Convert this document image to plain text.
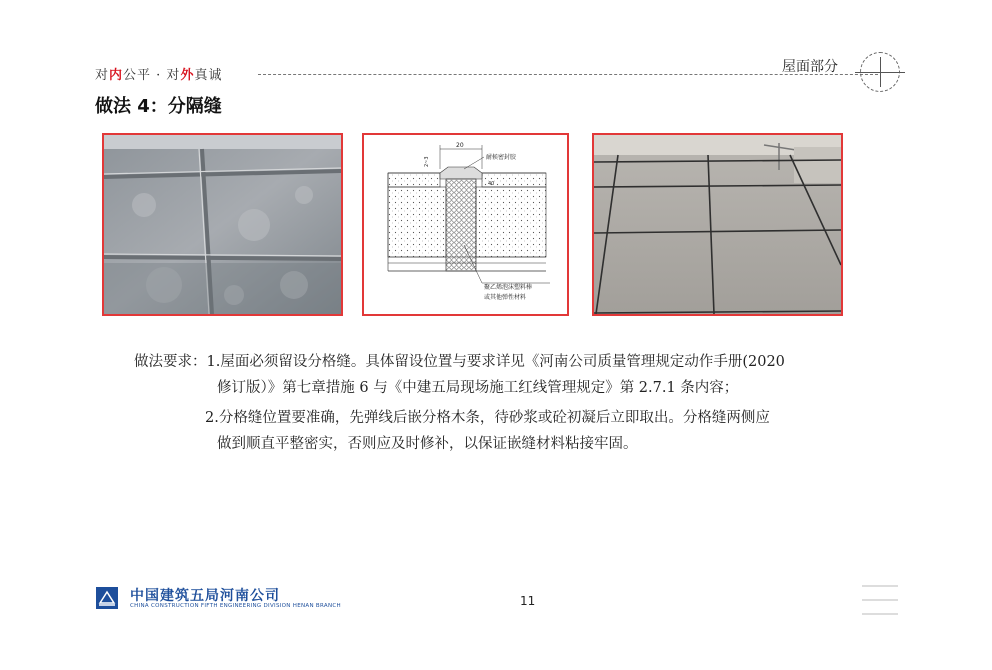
对内公平 · 对外真诚
屋面部分
做法 4：分隔缝
20
2~3	耐候密封胶
聚乙烯泡沫塑料棒
或其他弹性材料
做法要求：1.屋面必须留设分格缝。具体留设位置与要求详见《河南公司质量管理规定动作手册(2020
修订版）》第七章措施 6 与《中建五局现场施工红线管理规定》第 2.7.1 条内容；
2.分格缝位置要准确，先弹线后嵌分格木条，待砂浆或砼初凝后立即取出。分格缝两侧应
做到顺直平整密实，否则应及时修补，以保证嵌缝材料粘接牢固。
中国建筑五局河南公司
CHINA CONSTRUCTION FIFTH ENGINEERING DIVISION HENAN BRANCH	11
